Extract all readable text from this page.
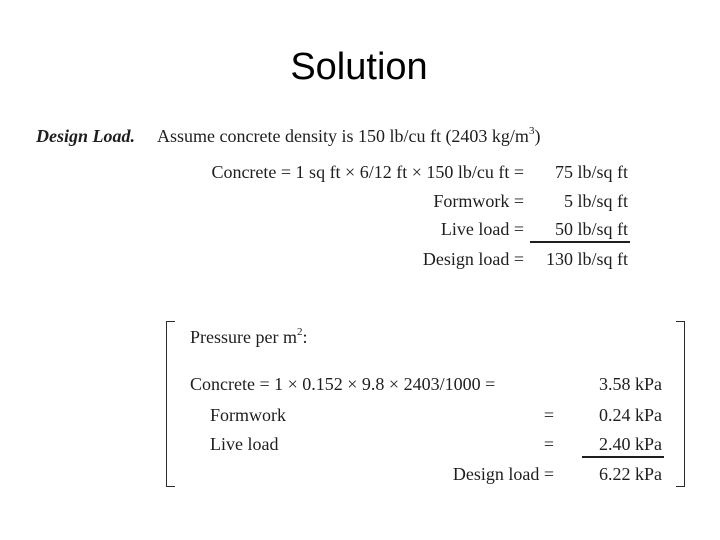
Solution
Design Load. Assume concrete density is 150 lb/cu ft (2403 $kg/m^3$)
Concrete = 1 sq ft × 6/12 ft × 150 lb/cu ft =	75 lb/sq ft
Formwork =	5 lb/sq ft
Live load =	50 lb/sq ft
Design load =	130 lb/sq ft
Pressure per $m^2$:
Concrete = 1 × 0.152 × 9.8 × 2403/1000 =	3.58 kPa
Formwork	=	0.24 kPa
Live load	=	2.40 kPa
Design load =	6.22 kPa
